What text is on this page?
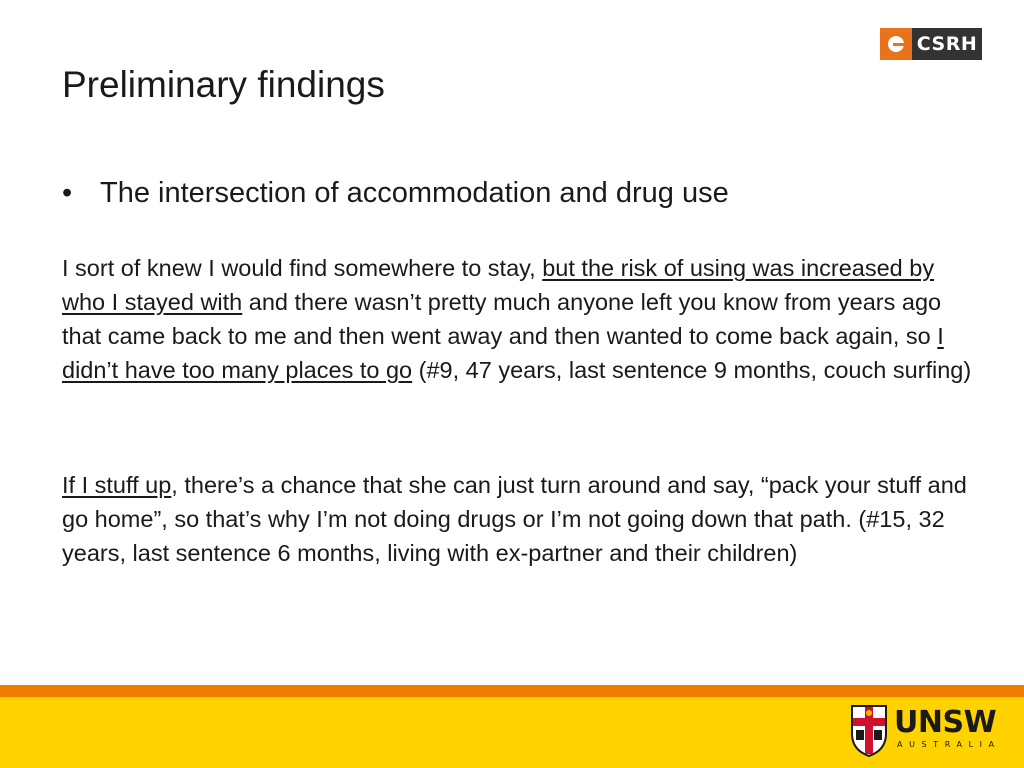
CSRH
Preliminary findings
• The intersection of accommodation and drug use

I sort of knew I would find somewhere to stay, but the risk of using was increased by who I stayed with and there wasn’t pretty much anyone left you know from years ago that came back to me and then went away and then wanted to come back again, so I didn’t have too many places to go (#9, 47 years, last sentence 9 months, couch surfing)

If I stuff up, there’s a chance that she can just turn around and say, “pack your stuff and go home”, so that’s why I’m not doing drugs or I’m not going down that path. (#15, 32 years, last sentence 6 months, living with ex-partner and their children)

UNSW
AUSTRALIA
